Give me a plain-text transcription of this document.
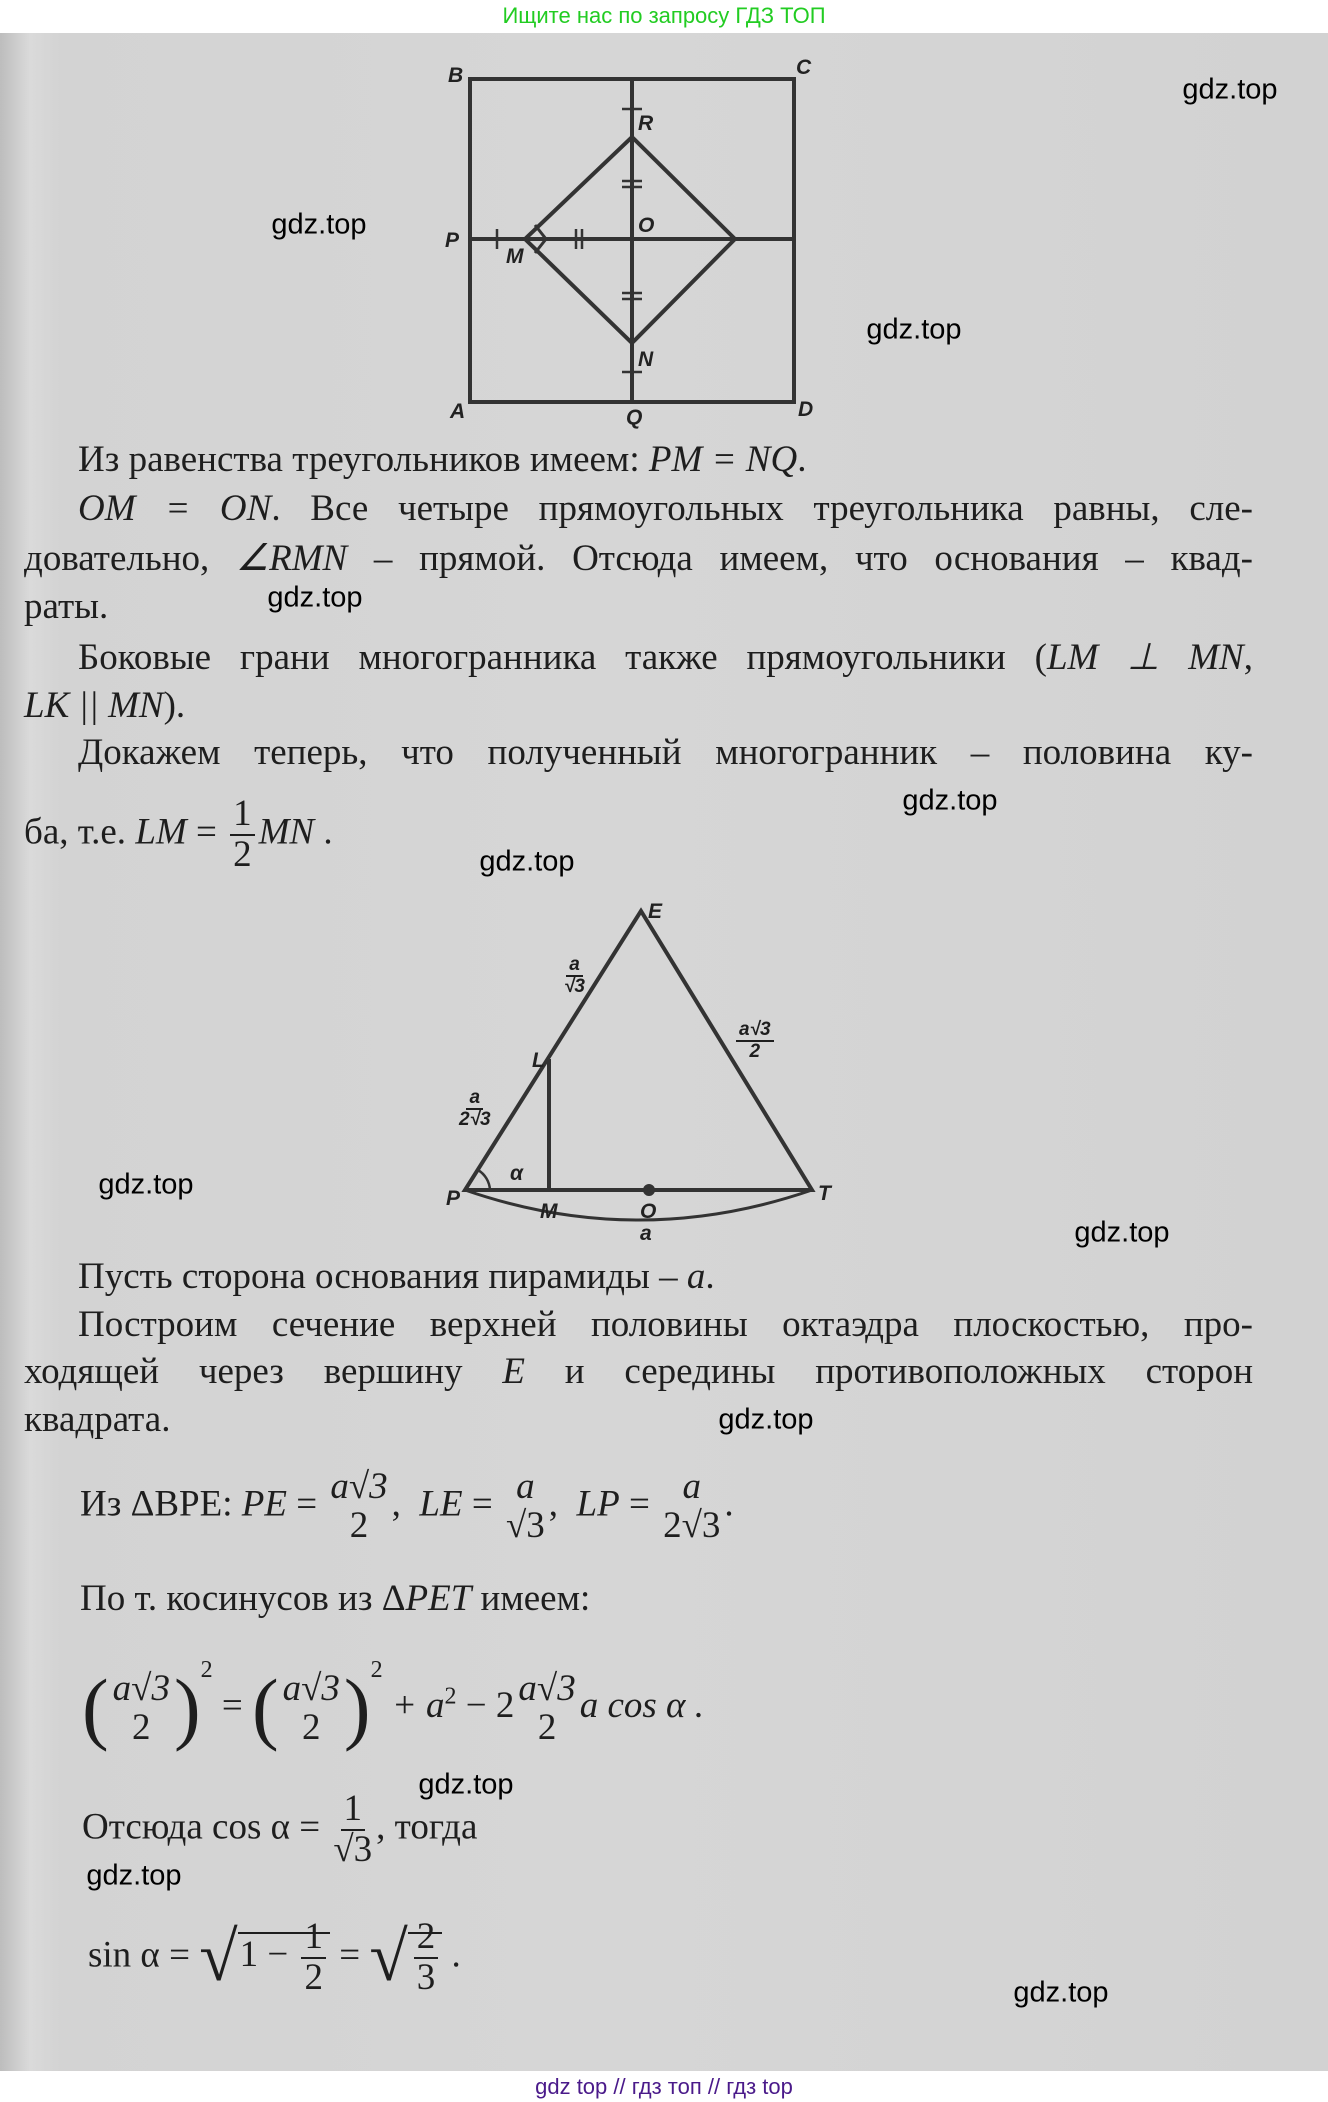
Ищите нас по запросу ГДЗ ТОП
B	C
A	D
R
O
P
M
N
Q
E
L
P
M	O
T
α
a
$\frac{a}{√3}$
$\frac{a√3}{2}$
$\frac{a}{2√3}$
Из равенства треугольников имеем: PM = NQ.
OM = ON. Все четыре прямоугольных треугольника равны, сле-
довательно, ∠RMN – прямой. Отсюда имеем, что основания – квад-
раты.
Боковые грани многогранника также прямоугольники (LM ⊥ MN,
LK || MN).
Докажем теперь, что полученный многогранник – половина ку-
ба, т.е. LM = $\frac{1}{2}$ MN .
Пусть сторона основания пирамиды – a.
Построим сечение верхней половины октаэдра плоскостью, про-
ходящей через вершину E и середины противоположных сторон
квадрата.
Из ΔBPE: PE = a√3
2
, LE = a
√3
, LP = a
2√3
.
По т. косинусов из ΔPET имеем:
( a√3
2 )$^2$ = ( a√3
2 )$^2 + a^2 - 2$ a√3
2
a cos α .
Отсюда $\cos \alpha = \frac{1}{√3}$ , тогда
$\sin \alpha = √1 - \frac{1}{2}$ = √ $\frac{2}{3}$ .
gdz.top
gdz.top
gdz.top
gdz.top
gdz.top
gdz.top
gdz.top
gdz.top
gdz.top
gdz.top
gdz.top
gdz.top
gdz top // гдз топ // гдз top
